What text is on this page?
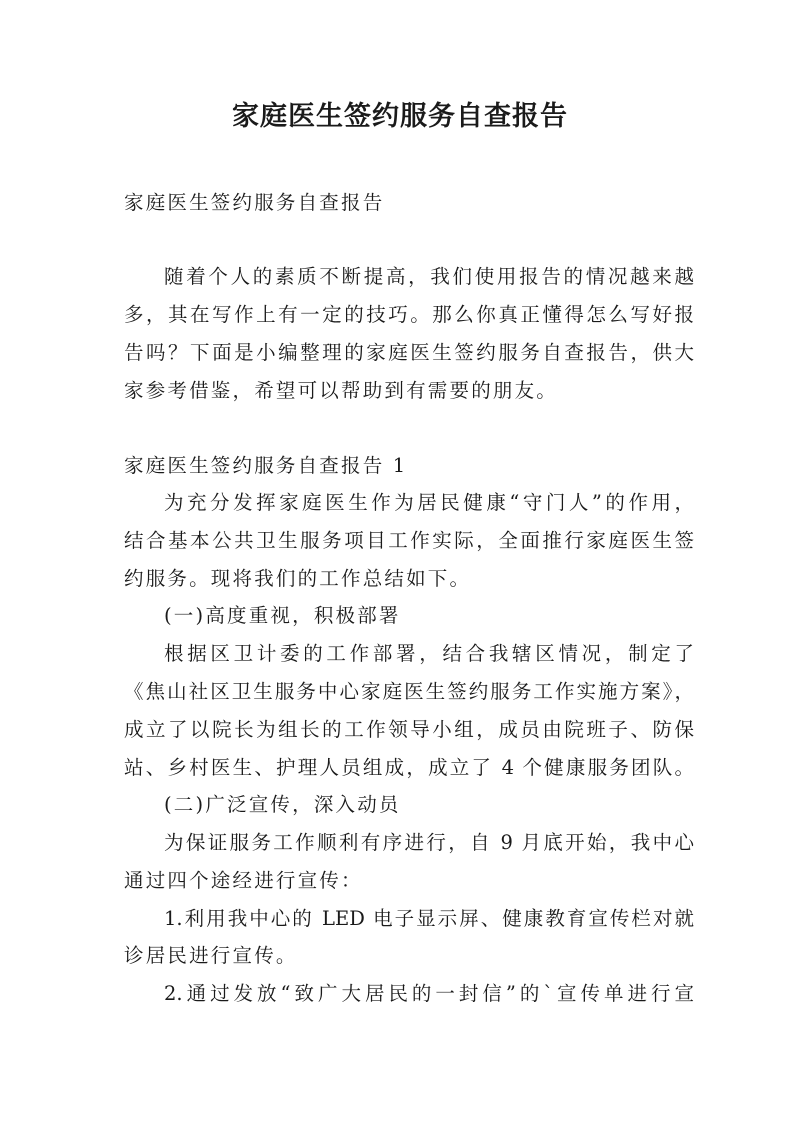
家庭医生签约服务自查报告
家庭医生签约服务自查报告
随着个人的素质不断提高，我们使用报告的情况越来越
多，其在写作上有一定的技巧。那么你真正懂得怎么写好报
告吗？下面是小编整理的家庭医生签约服务自查报告，供大
家参考借鉴，希望可以帮助到有需要的朋友。
家庭医生签约服务自查报告 1
为充分发挥家庭医生作为居民健康“守门人”的作用，
结合基本公共卫生服务项目工作实际，全面推行家庭医生签
约服务。现将我们的工作总结如下。
(一)高度重视，积极部署
根据区卫计委的工作部署，结合我辖区情况，制定了
《焦山社区卫生服务中心家庭医生签约服务工作实施方案》，
成立了以院长为组长的工作领导小组，成员由院班子、防保
站、乡村医生、护理人员组成，成立了 4 个健康服务团队。
(二)广泛宣传，深入动员
为保证服务工作顺利有序进行，自 9 月底开始，我中心
通过四个途经进行宣传：
1.利用我中心的 LED 电子显示屏、健康教育宣传栏对就
诊居民进行宣传。
2.通过发放“致广大居民的一封信”的`宣传单进行宣
